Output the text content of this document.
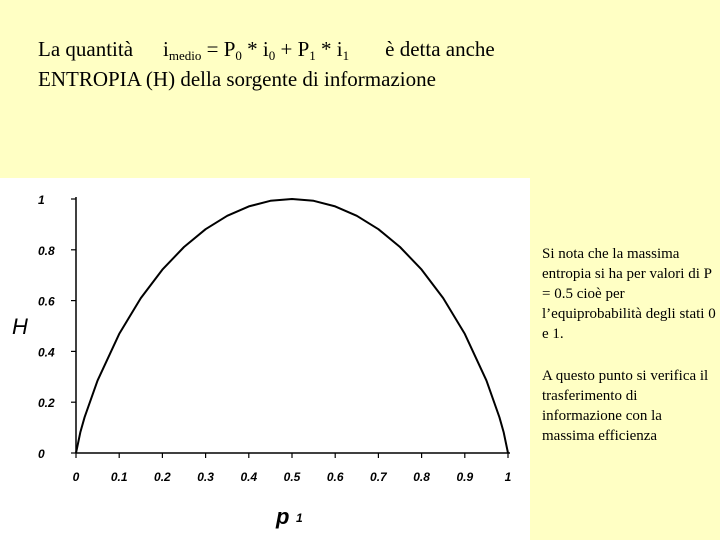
La quantità $i_{medio} = P_0 * i_0 + P_1 * i_1$ è detta anche
ENTROPIA (H) della sorgente di informazione
0
0.2
0.4
0.6
0.8
1
0	0.1 0.2 0.3 0.4 0.5 0.6 0.7 0.8 0.9	1
H
p 1

Si nota che la massima entropia si ha per valori di P = 0.5 cioè per l’equiprobabilità degli stati 0 e 1.

A questo punto si verifica il trasferimento di informazione con la massima efficienza
